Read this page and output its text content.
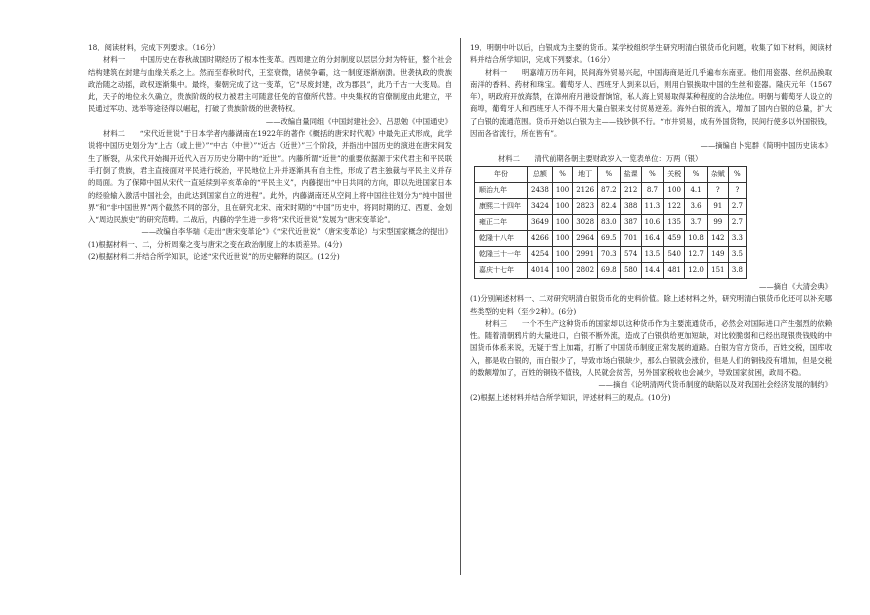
18．阅读材料，完成下列要求。（16分）

材料一　　 中国历史在春秋战国时期经历了根本性变革。西周建立的分封制度以层层分封为特征，整个社会结构建筑在封建与血缘关系之上。然而至春秋时代，王室衰微，诸侯争霸，这一制度逐渐崩溃。世袭执政的贵族政治随之动摇，政权逐渐集中。最终，秦朝完成了这一变革，它“尽废封建，改为郡县”，此乃千古一大变局。自此，天子的地位永久确立，贵族阶级的权力被君主可随意任免的官僚所代替。中央集权的官僚制度由此建立，平民通过军功、选举等途径得以崛起，打破了贵族阶级的世袭特权。

——改编自量同组《中国封建社会》、吕思勉《中国通史》

材料二　　 “宋代近世说”于日本学者内藤湖南在1922年的著作《概括的唐宋时代观》中最先正式形成，此学说将中国历史划分为“上古（或上世）”“中古（中世）”“近古（近世）”三个阶段，并指出中国历史的演进在唐宋间发生了断裂，从宋代开始揭开近代入百万历史分期中的“近世”。内藤所谓“近世”的重要依据源于宋代君主和平民联手打倒了贵族，君主直接面对平民进行统治，平民地位上升并逐渐具有自主性，形成了君主独裁与平民主义并存的局面。为了保障中国从宋代一直延续到辛亥革命的“平民主义”，内藤提出“中日共同的方向，即以先进国家日本的经验输入激活中国社会，由此达到国家自立的进程”。此外，内藤湖南还从空间上将中国往往划分为“纯中国世界”和“非中国世界”两个截然不同的部分，且在研究北宋、南宋时期的“中国”历史中，将同时期的辽、西夏、金划入“周边民族史”的研究范畴。二战后，内藤的学生进一步将“宋代近世说”发展为“唐宋变革论”。

——改编自李华瑞《走出“唐宋变革论”》《“宋代近世说”（唐宋变革论）与宋型国家概念的提出》

(1)根据材料一、二，分析周秦之变与唐宋之变在政治制度上的本质差异。(4分)

(2)根据材料二并结合所学知识，论述“宋代近世说”的历史解释的误区。(12分)

19．明朝中叶以后，白银成为主要的货币。某学校组织学生研究明清白银货币化问题，收集了如下材料，阅读材料并结合所学知识，完成下列要求。（16分）

材料一　　 明嘉靖万历年间，民间海外贸易兴起，中国海商是近几乎遍布东南亚。他们用瓷器、丝织品换取南洋的香料、药材和珠宝。葡萄牙人、西班牙人到来以后，则用白银换取中国的生丝和瓷器。隆庆元年（1567年），明政府开放海禁，在漳州府月港设督饷馆，私人海上贸易取得某种程度的合法地位。明朝与葡萄牙人设立的商埠，葡萄牙人和西班牙人不得不用大量白银来支付贸易逆差。海外白银的流入，增加了国内白银的总量，扩大了白银的流通范围。货币开始以白银为主——钱钞俱不行。“市井贸易，成有外国货物，民间行使多以外国银钱，因而各省流行，所在皆有”。

——摘编自卜宪群《简明中国历史读本》

材料二　　 清代前期各朝主要财政岁入一览表单位：万两（银）

年份	总额	%	地丁	%	盐课	%	关税	%	杂赋	%
顺治九年	2438	100	2126	87.2	212	8.7	100	4.1	?	?
康熙二十四年	3424	100	2823	82.4	388	11.3	122	3.6	91	2.7
雍正二年	3649	100	3028	83.0	387	10.6	135	3.7	99	2.7
乾隆十八年	4266	100	2964	69.5	701	16.4	459	10.8	142	3.3
乾隆三十一年	4254	100	2991	70.3	574	13.5	540	12.7	149	3.5
嘉庆十七年	4014	100	2802	69.8	580	14.4	481	12.0	151	3.8

——摘自《大清会典》

(1)分别阐述材料一、二对研究明清白银货币化的史料价值。除上述材料之外，研究明清白银货币化还可以补充哪些类型的史料（至少2种）。(6分)

材料三　　 一个不生产这种货币的国家却以这种货币作为主要流通货币，必然会对国际进口产生强烈的依赖性。随着清朝鸦片的大量进口，白银不断外流，造成了白银供给更加短缺，对比较脆弱和已经出现银贵钱贱的中国货币体系来说，无疑于雪上加霜，打断了中国货币制度正常发展的道路。白银为官方货币，百姓交税，国库收入，都是收白银的，而白银少了，导致市场白银缺少，那么白银就会涨价，但是人们的铜钱没有增加，但是交税的数额增加了，百姓的铜钱不值钱，人民就会贫苦，另外国家税收也会减少，导致国家贫困，政局不稳。

——摘自《论明清两代货币制度的缺陷以及对我国社会经济发展的制约》

(2)根据上述材料并结合所学知识，评述材料三的观点。(10分)
